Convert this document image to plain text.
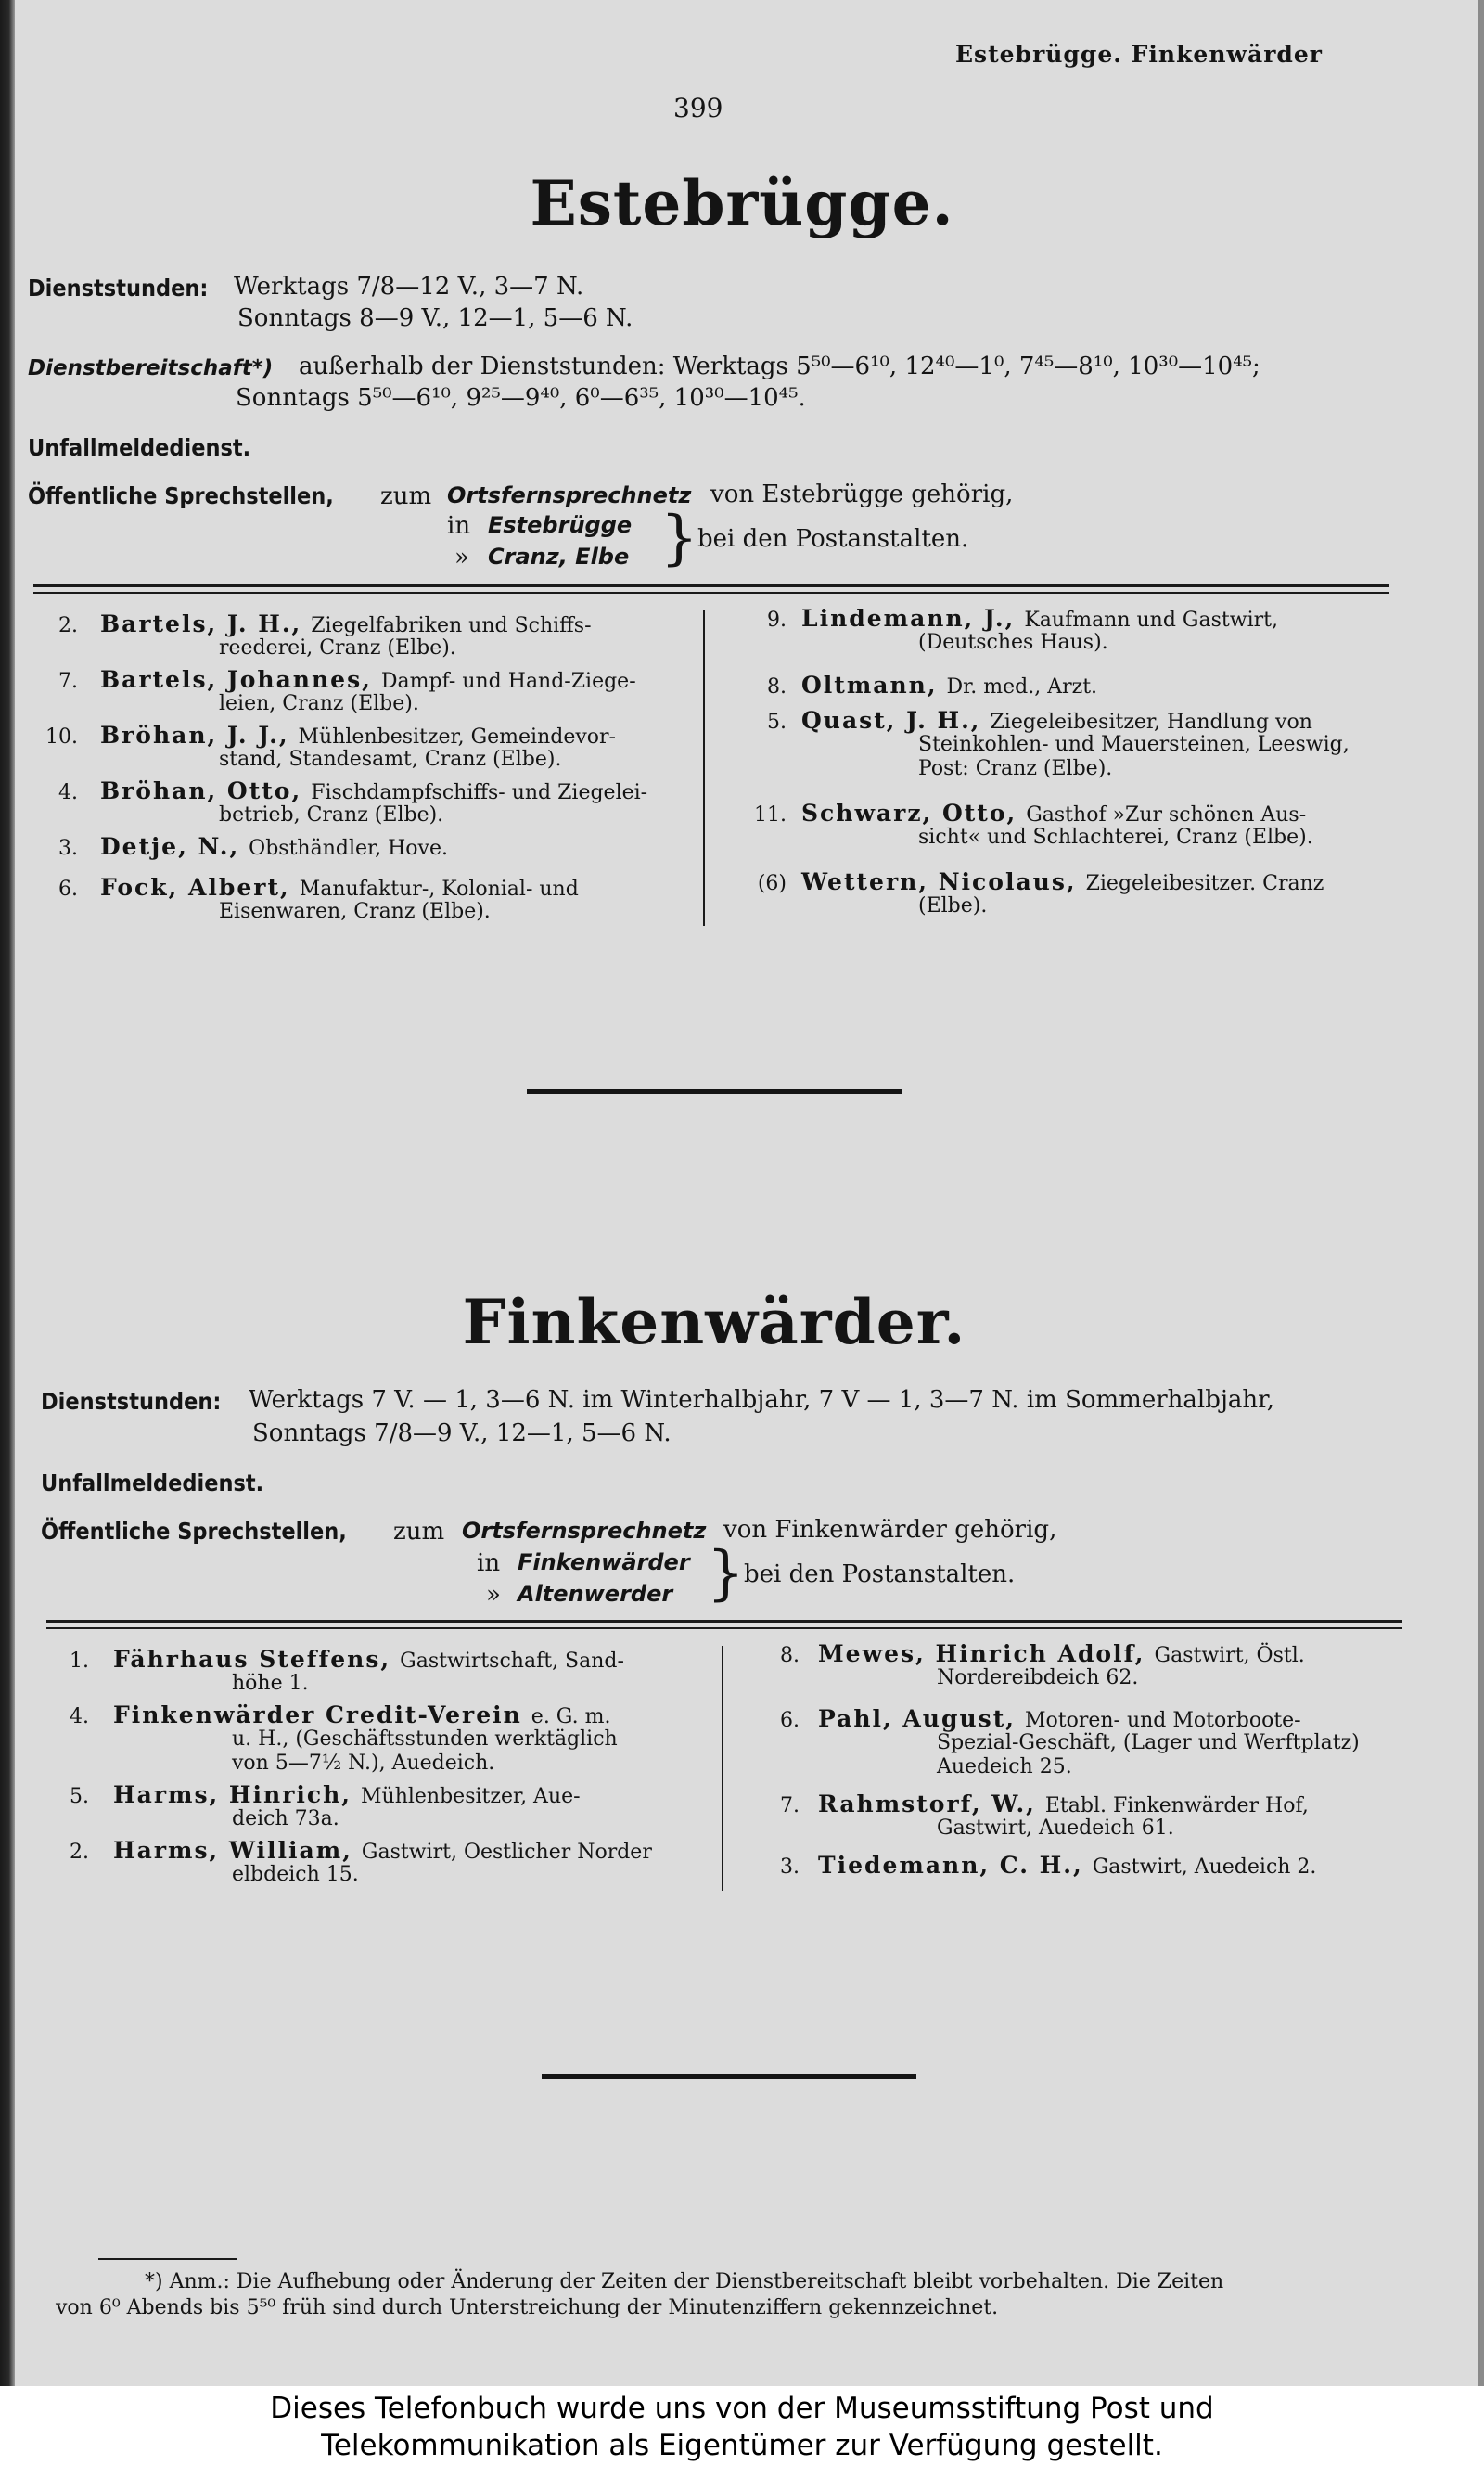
Estebrügge. Finkenwärder
399
Estebrügge.
Dienststunden: Werktags 7/8—12 V., 3—7 N.
Sonntags 8—9 V., 12—1, 5—6 N.
Dienstbereitschaft*) außerhalb der Dienststunden: Werktags 5⁵⁰—6¹⁰, 12⁴⁰—1⁰, 7⁴⁵—8¹⁰, 10³⁰—10⁴⁵;
Sonntags 5⁵⁰—6¹⁰, 9²⁵—9⁴⁰, 6⁰—6³⁵, 10³⁰—10⁴⁵.
Unfallmeldedienst.
Öffentliche Sprechstellen, zum Ortsfernsprechnetz von Estebrügge gehörig,
in Estebrügge
» Cranz, Elbe } bei den Postanstalten.
2. Bartels, J. H., Ziegelfabriken und Schiffs-
reederei, Cranz (Elbe).
7. Bartels, Johannes, Dampf- und Hand-Ziege-
leien, Cranz (Elbe).
10. Bröhan, J. J., Mühlenbesitzer, Gemeindevor-
stand, Standesamt, Cranz (Elbe).
4. Bröhan, Otto, Fischdampfschiffs- und Ziegelei-
betrieb, Cranz (Elbe).
3. Detje, N., Obsthändler, Hove.
6. Fock, Albert, Manufaktur-, Kolonial- und
Eisenwaren, Cranz (Elbe).
9. Lindemann, J., Kaufmann und Gastwirt,
(Deutsches Haus).
8. Oltmann, Dr. med., Arzt.
5. Quast, J. H., Ziegeleibesitzer, Handlung von
Steinkohlen- und Mauersteinen, Leeswig,
Post: Cranz (Elbe).
11. Schwarz, Otto, Gasthof »Zur schönen Aus-
sicht« und Schlachterei, Cranz (Elbe).
(6) Wettern, Nicolaus, Ziegeleibesitzer. Cranz
(Elbe).
Finkenwärder.
Dienststunden: Werktags 7 V. — 1, 3—6 N. im Winterhalbjahr, 7 V — 1, 3—7 N. im Sommerhalbjahr,
Sonntags 7/8—9 V., 12—1, 5—6 N.
Unfallmeldedienst.
Öffentliche Sprechstellen, zum Ortsfernsprechnetz von Finkenwärder gehörig,
in Finkenwärder
» Altenwerder } bei den Postanstalten.
1. Fährhaus Steffens, Gastwirtschaft, Sand-
höhe 1.
4. Finkenwärder Credit-Verein e. G. m.
u. H., (Geschäftsstunden werktäglich
von 5—7½ N.), Auedeich.
5. Harms, Hinrich, Mühlenbesitzer, Aue-
deich 73a.
2. Harms, William, Gastwirt, Oestlicher Norder
elbdeich 15.
8. Mewes, Hinrich Adolf, Gastwirt, Östl.
Nordereibdeich 62.
6. Pahl, August, Motoren- und Motorboote-
Spezial-Geschäft, (Lager und Werftplatz)
Auedeich 25.
7. Rahmstorf, W., Etabl. Finkenwärder Hof,
Gastwirt, Auedeich 61.
3. Tiedemann, C. H., Gastwirt, Auedeich 2.
*) Anm.: Die Aufhebung oder Änderung der Zeiten der Dienstbereitschaft bleibt vorbehalten. Die Zeiten
von 6⁰ Abends bis 5⁵⁰ früh sind durch Unterstreichung der Minutenziffern gekennzeichnet.
Dieses Telefonbuch wurde uns von der Museumsstiftung Post und
Telekommunikation als Eigentümer zur Verfügung gestellt.
